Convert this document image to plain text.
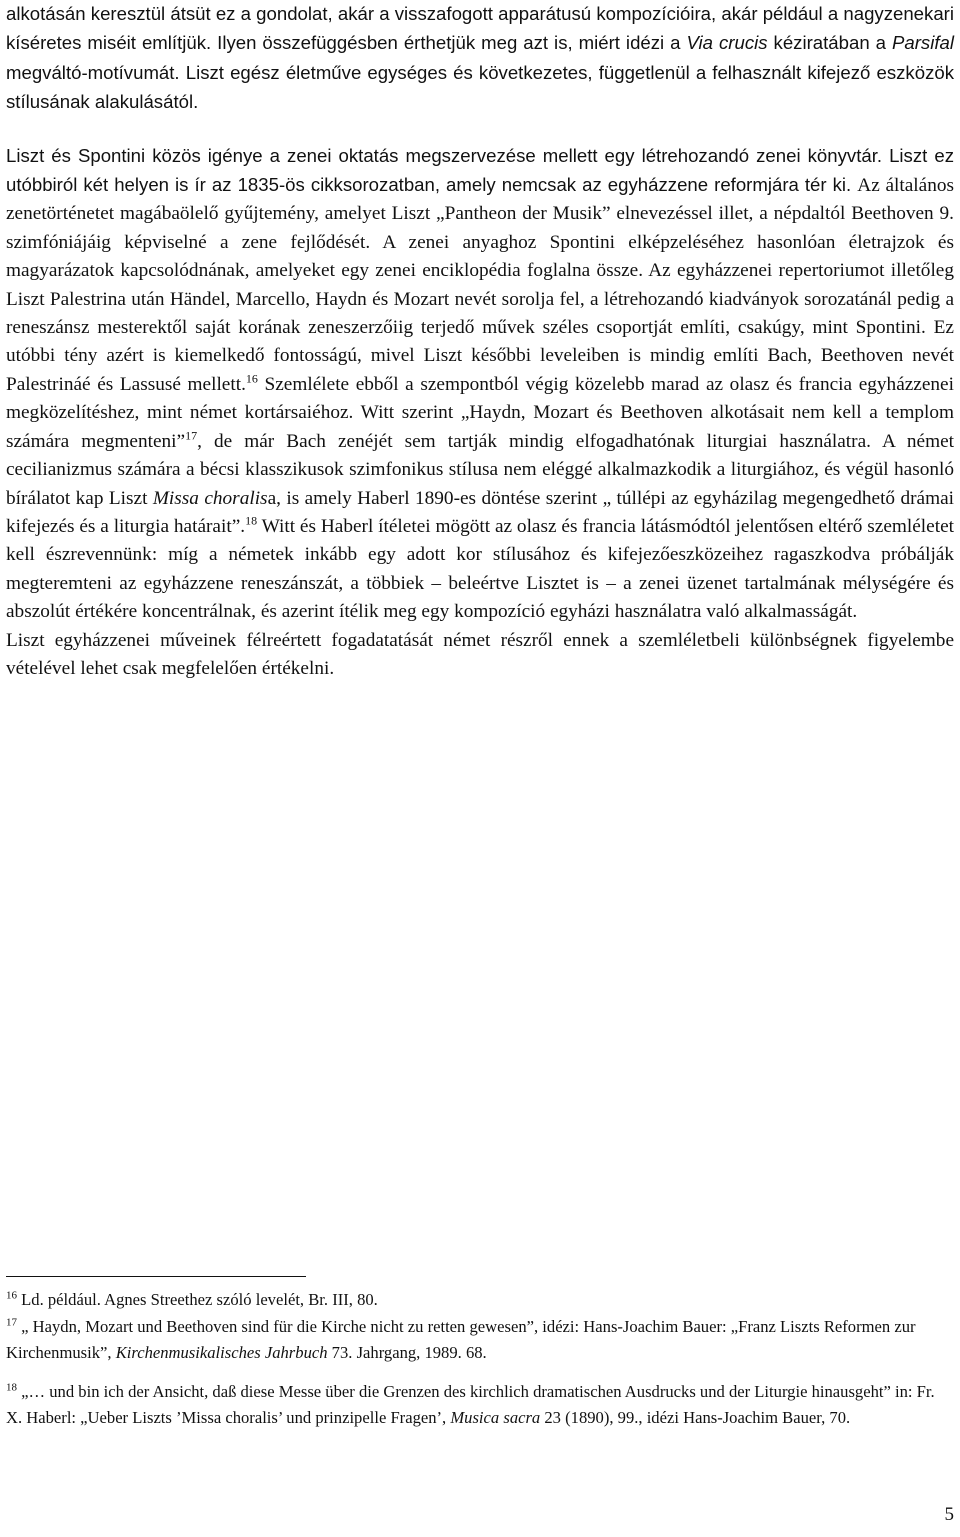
alkotásán keresztül átsüt ez a gondolat, akár a visszafogott apparátusú kompozícióira, akár például a nagyzenekari kíséretes miséit említjük. Ilyen összefüggésben érthetjük meg azt is, miért idézi a Via crucis kéziratában a Parsifal megváltó-motívumát. Liszt egész életműve egységes és következetes, függetlenül a felhasznált kifejező eszközök stílusának alakulásától.

Liszt és Spontini közös igénye a zenei oktatás megszervezése mellett egy létrehozandó zenei könyvtár. Liszt ez utóbbiról két helyen is ír az 1835-ös cikksorozatban, amely nemcsak az egyházzene reformjára tér ki. Az általános zenetörténetet magábaölelő gyűjtemény, amelyet Liszt „Pantheon der Musik” elnevezéssel illet, a népdaltól Beethoven 9. szimfóniájáig képviselné a zene fejlődését. A zenei anyaghoz Spontini elképzeléséhez hasonlóan életrajzok és magyarázatok kapcsolódnának, amelyeket egy zenei enciklopédia foglalna össze. Az egyházzenei repertoriumot illetőleg Liszt Palestrina után Händel, Marcello, Haydn és Mozart nevét sorolja fel, a létrehozandó kiadványok sorozatánál pedig a reneszánsz mesterektől saját korának zeneszerzőiig terjedő művek széles csoportját említi, csakúgy, mint Spontini. Ez utóbbi tény azért is kiemelkedő fontosságú, mivel Liszt későbbi leveleiben is mindig említi Bach, Beethoven nevét Palestrináé és Lassusé mellett.$^{16}$ Szemlélete ebből a szempontból végig közelebb marad az olasz és francia egyházzenei megközelítéshez, mint német kortársaiéhoz. Witt szerint „Haydn, Mozart és Beethoven alkotásait nem kell a templom számára megmenteni”$^{17}$, de már Bach zenéjét sem tartják mindig elfogadhatónak liturgiai használatra. A német cecilianizmus számára a bécsi klasszikusok szimfonikus stílusa nem eléggé alkalmazkodik a liturgiához, és végül hasonló bírálatot kap Liszt Missa choralisa, is amely Haberl 1890-es döntése szerint „ túllépi az egyházilag megengedhető drámai kifejezés és a liturgia határait”.$^{18}$ Witt és Haberl ítéletei mögött az olasz és francia látásmódtól jelentősen eltérő szemléletet kell észrevennünk: míg a németek inkább egy adott kor stílusához és kifejezőeszközeihez ragaszkodva próbálják megteremteni az egyházzene reneszánszát, a többiek – beleértve Lisztet is – a zenei üzenet tartalmának mélységére és abszolút értékére koncentrálnak, és azerint ítélik meg egy kompozíció egyházi használatra való alkalmasságát.

Liszt egyházzenei műveinek félreértett fogadatatását német részről ennek a szemléletbeli különbségnek figyelembe vételével lehet csak megfelelően értékelni.

$^{16}$ Ld. például. Agnes Streethez szóló levelét, Br. III, 80.

$^{17}$ „ Haydn, Mozart und Beethoven sind für die Kirche nicht zu retten gewesen”, idézi: Hans-Joachim Bauer: „Franz Liszts Reformen zur Kirchenmusik”, Kirchenmusikalisches Jahrbuch 73. Jahrgang, 1989. 68.

$^{18}$ „… und bin ich der Ansicht, daß diese Messe über die Grenzen des kirchlich dramatischen Ausdrucks und der Liturgie hinausgeht” in: Fr. X. Haberl: „Ueber Liszts ’Missa choralis’ und prinzipelle Fragen’, Musica sacra 23 (1890), 99., idézi Hans-Joachim Bauer, 70.

5
